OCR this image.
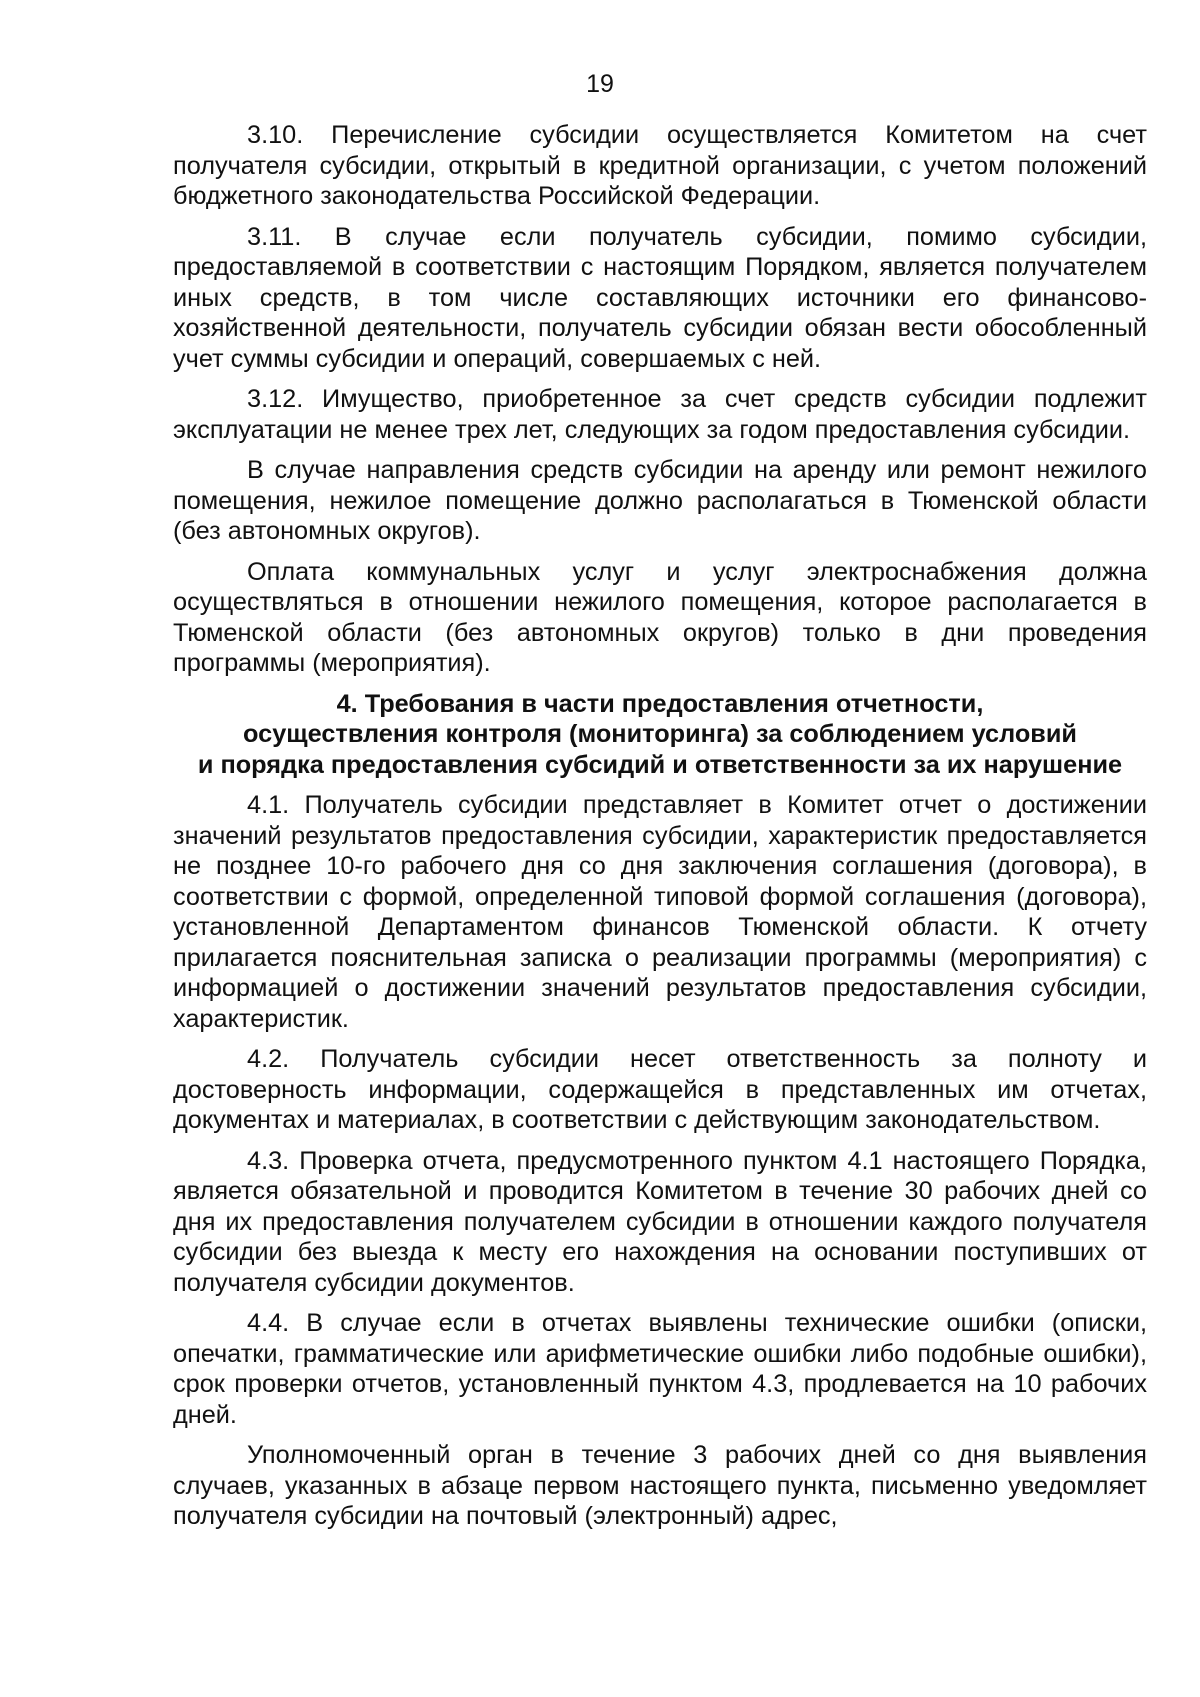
19

3.10. Перечисление субсидии осуществляется Комитетом на счет получателя субсидии, открытый в кредитной организации, с учетом положений бюджетного законодательства Российской Федерации.

3.11. В случае если получатель субсидии, помимо субсидии, предоставляемой в соответствии с настоящим Порядком, является получателем иных средств, в том числе составляющих источники его финансово-хозяйственной деятельности, получатель субсидии обязан вести обособленный учет суммы субсидии и операций, совершаемых с ней.

3.12. Имущество, приобретенное за счет средств субсидии подлежит эксплуатации не менее трех лет, следующих за годом предоставления субсидии.

В случае направления средств субсидии на аренду или ремонт нежилого помещения, нежилое помещение должно располагаться в Тюменской области (без автономных округов).

Оплата коммунальных услуг и услуг электроснабжения должна осуществляться в отношении нежилого помещения, которое располагается в Тюменской области (без автономных округов) только в дни проведения программы (мероприятия).

4. Требования в части предоставления отчетности,
осуществления контроля (мониторинга) за соблюдением условий
и порядка предоставления субсидий и ответственности за их нарушение

4.1. Получатель субсидии представляет в Комитет отчет о достижении значений результатов предоставления субсидии, характеристик предоставляется не позднее 10-го рабочего дня со дня заключения соглашения (договора), в соответствии с формой, определенной типовой формой соглашения (договора), установленной Департаментом финансов Тюменской области. К отчету прилагается пояснительная записка о реализации программы (мероприятия) с информацией о достижении значений результатов предоставления субсидии, характеристик.

4.2. Получатель субсидии несет ответственность за полноту и достоверность информации, содержащейся в представленных им отчетах, документах и материалах, в соответствии с действующим законодательством.

4.3. Проверка отчета, предусмотренного пунктом 4.1 настоящего Порядка, является обязательной и проводится Комитетом в течение 30 рабочих дней со дня их предоставления получателем субсидии в отношении каждого получателя субсидии без выезда к месту его нахождения на основании поступивших от получателя субсидии документов.

4.4. В случае если в отчетах выявлены технические ошибки (описки, опечатки, грамматические или арифметические ошибки либо подобные ошибки), срок проверки отчетов, установленный пунктом 4.3, продлевается на 10 рабочих дней.

Уполномоченный орган в течение 3 рабочих дней со дня выявления случаев, указанных в абзаце первом настоящего пункта, письменно уведомляет получателя субсидии на почтовый (электронный) адрес,
